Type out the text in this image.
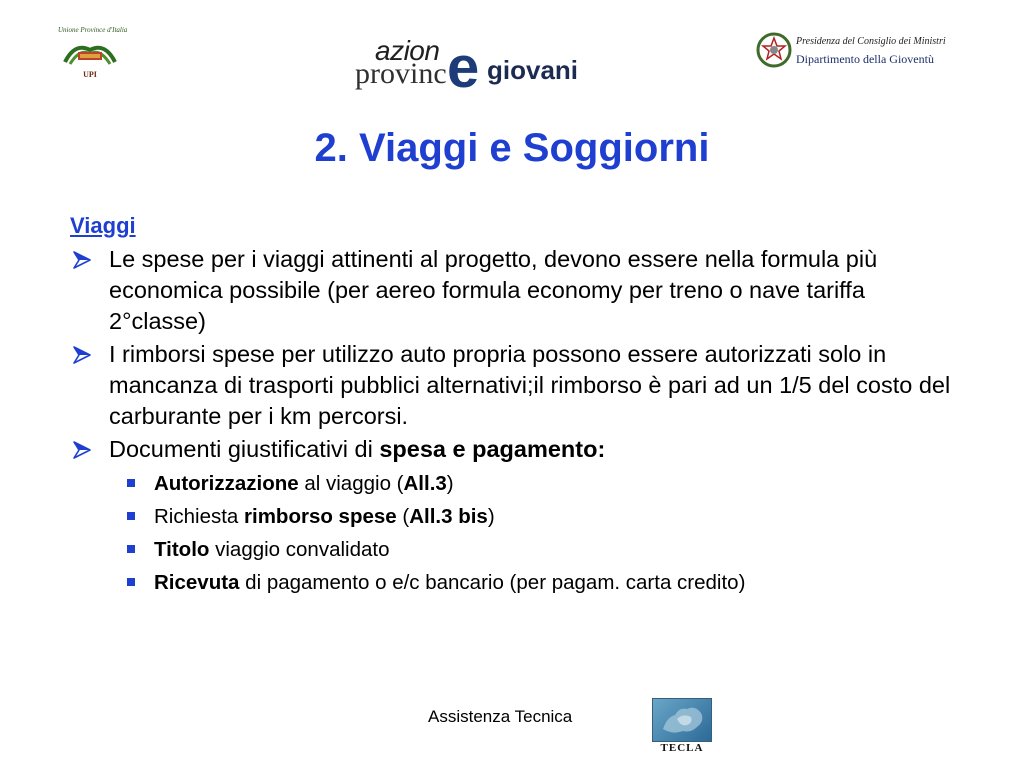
Unione Province d'Italia
UPI
azion
provinc e giovani
Presidenza del Consiglio dei Ministri
Dipartimento della Gioventù
2. Viaggi e Soggiorni
Viaggi
Le spese per i viaggi attinenti al progetto, devono essere nella formula più economica possibile (per aereo formula economy per treno o nave tariffa 2°classe)
I rimborsi spese per utilizzo auto propria possono essere autorizzati solo in mancanza di trasporti pubblici alternativi;il rimborso è pari ad un 1/5 del costo del carburante per i km percorsi.
Documenti giustificativi di spesa e pagamento:
Autorizzazione al viaggio (All.3)
Richiesta rimborso spese (All.3 bis)
Titolo viaggio convalidato
Ricevuta di pagamento o e/c bancario (per pagam. carta credito)
Assistenza Tecnica
TECLA
